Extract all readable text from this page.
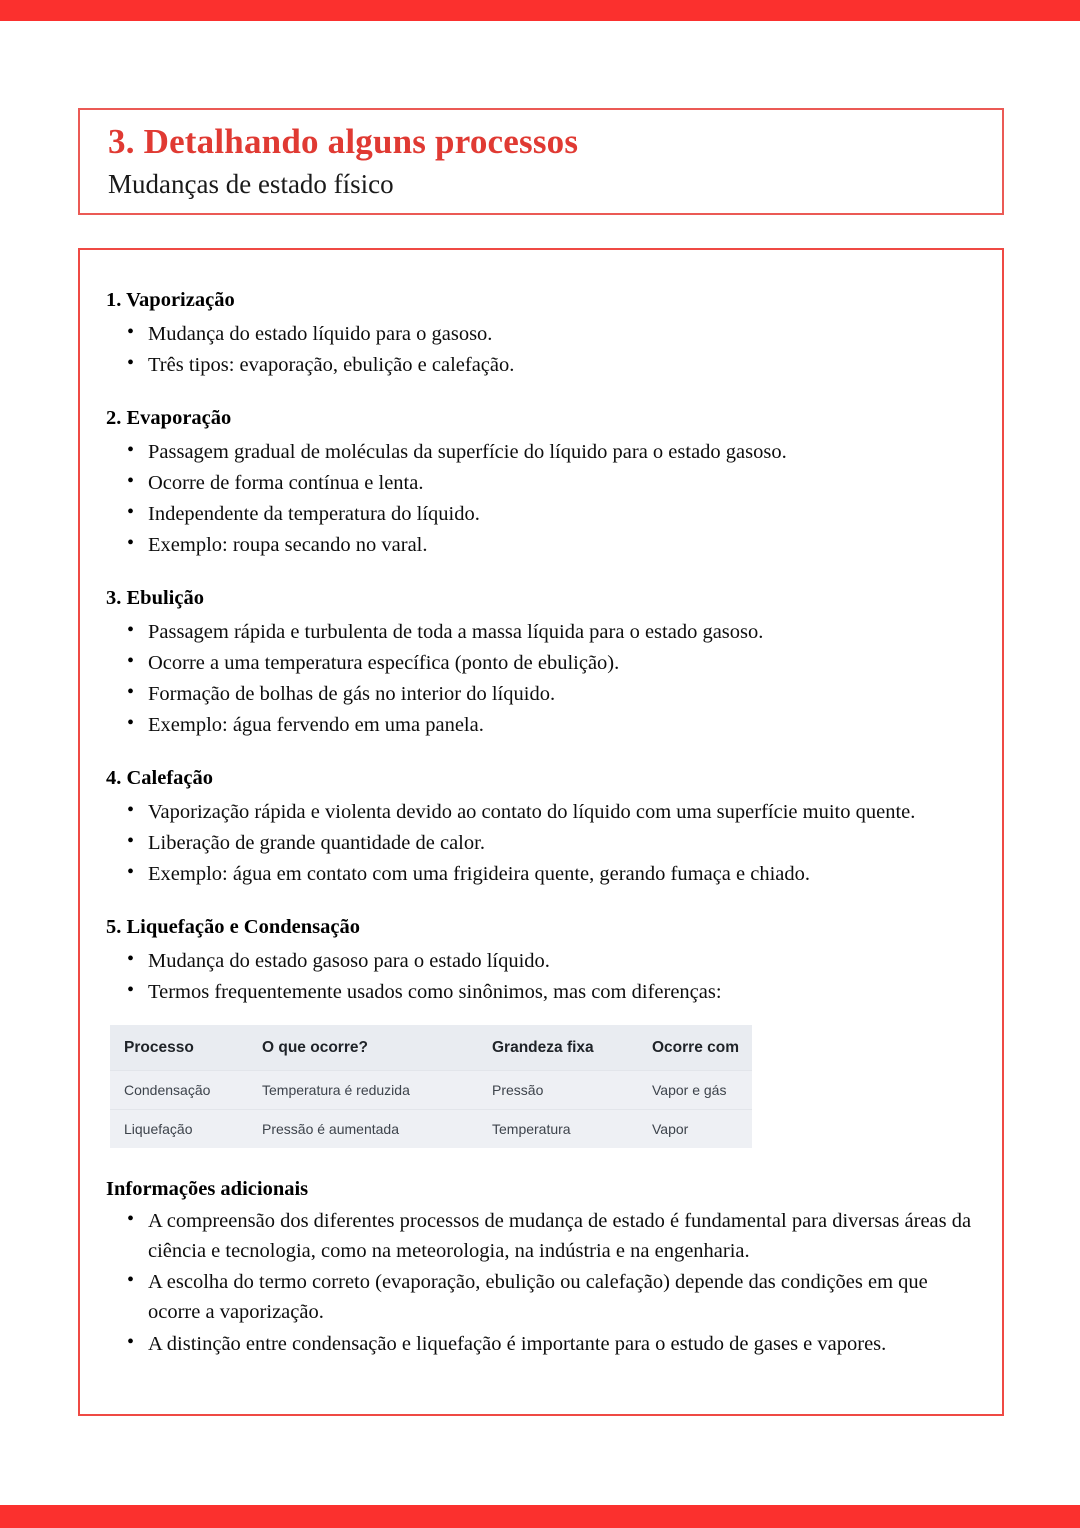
3. Detalhando alguns processos
Mudanças de estado físico
1. Vaporização
• Mudança do estado líquido para o gasoso.
• Três tipos: evaporação, ebulição e calefação.
2. Evaporação
• Passagem gradual de moléculas da superfície do líquido para o estado gasoso.
• Ocorre de forma contínua e lenta.
• Independente da temperatura do líquido.
• Exemplo: roupa secando no varal.
3. Ebulição
• Passagem rápida e turbulenta de toda a massa líquida para o estado gasoso.
• Ocorre a uma temperatura específica (ponto de ebulição).
• Formação de bolhas de gás no interior do líquido.
• Exemplo: água fervendo em uma panela.
4. Calefação
• Vaporização rápida e violenta devido ao contato do líquido com uma superfície muito quente.
• Liberação de grande quantidade de calor.
• Exemplo: água em contato com uma frigideira quente, gerando fumaça e chiado.
5. Liquefação e Condensação
• Mudança do estado gasoso para o estado líquido.
• Termos frequentemente usados como sinônimos, mas com diferenças:
Processo	O que ocorre?	Grandeza fixa	Ocorre com
Condensação	Temperatura é reduzida	Pressão	Vapor e gás
Liquefação	Pressão é aumentada	Temperatura	Vapor
Informações adicionais
• A compreensão dos diferentes processos de mudança de estado é fundamental para diversas áreas da ciência e tecnologia, como na meteorologia, na indústria e na engenharia.
• A escolha do termo correto (evaporação, ebulição ou calefação) depende das condições em que ocorre a vaporização.
• A distinção entre condensação e liquefação é importante para o estudo de gases e vapores.
